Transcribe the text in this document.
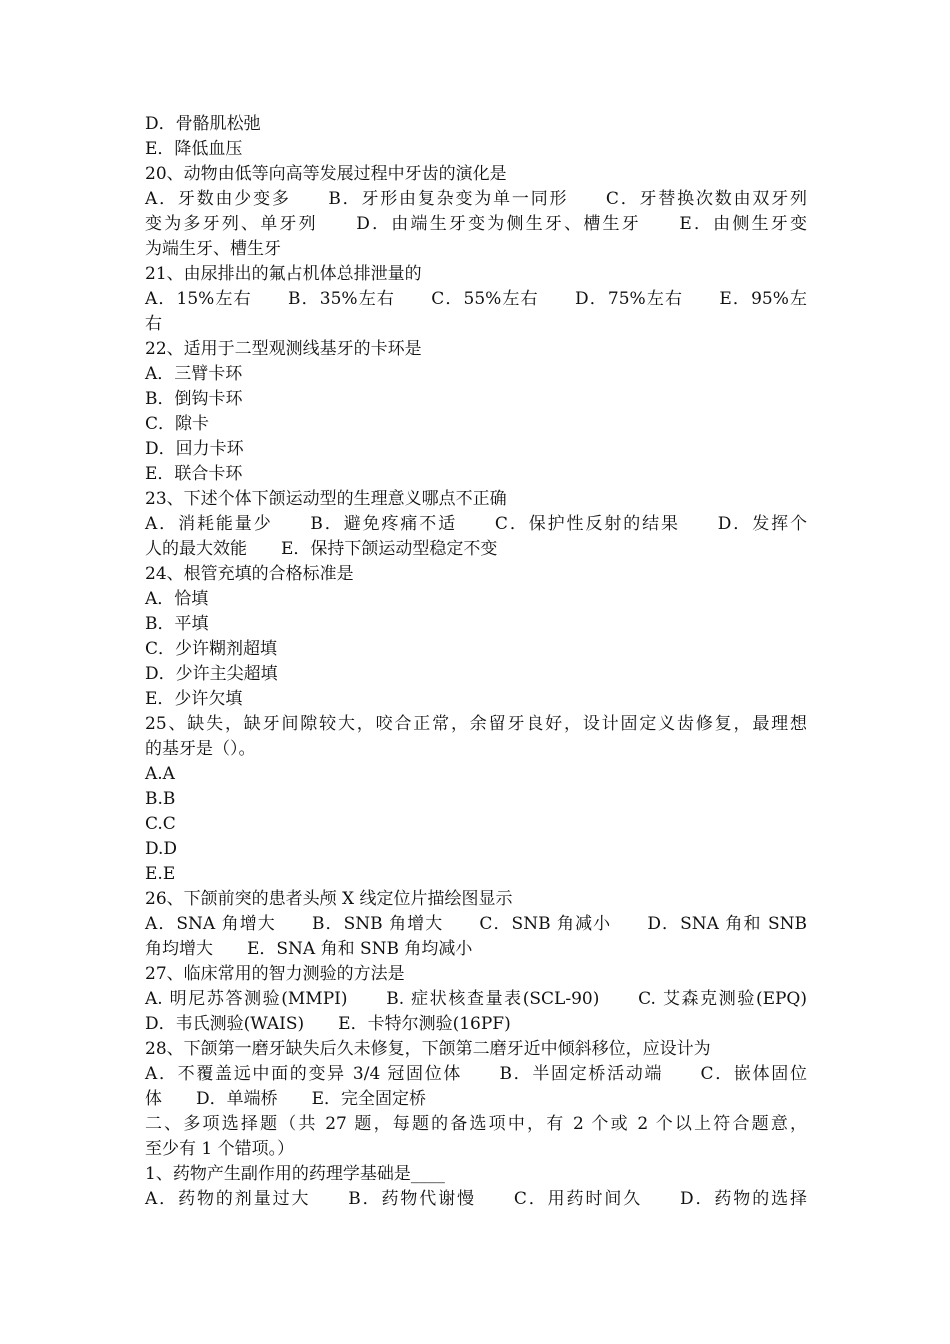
D．骨骼肌松弛
E．降低血压
20、动物由低等向高等发展过程中牙齿的演化是
A．牙数由少变多　　B．牙形由复杂变为单一同形　　C．牙替换次数由双牙列
变为多牙列、单牙列　　D．由端生牙变为侧生牙、槽生牙　　E．由侧生牙变
为端生牙、槽生牙
21、由尿排出的氟占机体总排泄量的
A．15%左右　　B．35%左右　　C．55%左右　　D．75%左右　　E．95%左
右
22、适用于二型观测线基牙的卡环是
A．三臂卡环
B．倒钩卡环
C．隙卡
D．回力卡环
E．联合卡环
23、下述个体下颌运动型的生理意义哪点不正确
A．消耗能量少　　B．避免疼痛不适　　C．保护性反射的结果　　D．发挥个
人的最大效能　　E．保持下颌运动型稳定不变
24、根管充填的合格标准是
A．恰填
B．平填
C．少许糊剂超填
D．少许主尖超填
E．少许欠填
25、缺失，缺牙间隙较大，咬合正常，余留牙良好，设计固定义齿修复，最理想
的基牙是（）。
A.A
B.B
C.C
D.D
E.E
26、下颌前突的患者头颅 X 线定位片描绘图显示
A．SNA 角增大　　B．SNB 角增大　　C．SNB 角减小　　D．SNA 角和 SNB
角均增大　　E．SNA 角和 SNB 角均减小
27、临床常用的智力测验的方法是
A. 明尼苏答测验(MMPI)　　B. 症状核查量表(SCL-90)　　C. 艾森克测验(EPQ)
D．韦氏测验(WAIS)　　E．卡特尔测验(16PF)
28、下颌第一磨牙缺失后久未修复，下颌第二磨牙近中倾斜移位，应设计为
A．不覆盖远中面的变异 3/4 冠固位体　　B．半固定桥活动端　　C．嵌体固位
体　　D．单端桥　　E．完全固定桥
二、多项选择题（共 27 题，每题的备选项中，有 2 个或 2 个以上符合题意，
至少有 1 个错项。）
1、药物产生副作用的药理学基础是____
A．药物的剂量过大　　B．药物代谢慢　　C．用药时间久　　D．药物的选择
